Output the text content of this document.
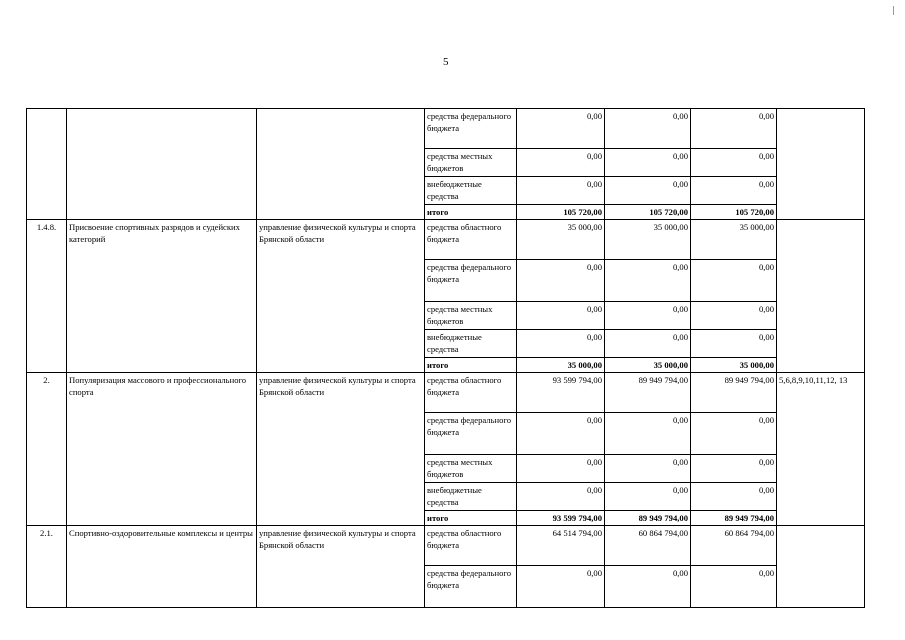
5
			средства федерального бюджета	0,00	0,00	0,00	
			средства местных бюджетов	0,00	0,00	0,00	
			внебюджетные средства	0,00	0,00	0,00	
			итого	105 720,00	105 720,00	105 720,00	
1.4.8.	Присвоение спортивных разрядов и судейских категорий	управление физической культуры и спорта Брянской области	средства областного бюджета	35 000,00	35 000,00	35 000,00	
			средства федерального бюджета	0,00	0,00	0,00	
			средства местных бюджетов	0,00	0,00	0,00	
			внебюджетные средства	0,00	0,00	0,00	
			итого	35 000,00	35 000,00	35 000,00	
2.	Популяризация массового и профессионального спорта	управление физической культуры и спорта Брянской области	средства областного бюджета	93 599 794,00	89 949 794,00	89 949 794,00	5,6,8,9,10,11,12, 13
			средства федерального бюджета	0,00	0,00	0,00	
			средства местных бюджетов	0,00	0,00	0,00	
			внебюджетные средства	0,00	0,00	0,00	
			итого	93 599 794,00	89 949 794,00	89 949 794,00	
2.1.	Спортивно-оздоровительные комплексы и центры	управление физической культуры и спорта Брянской области	средства областного бюджета	64 514 794,00	60 864 794,00	60 864 794,00	
			средства федерального бюджета	0,00	0,00	0,00	
